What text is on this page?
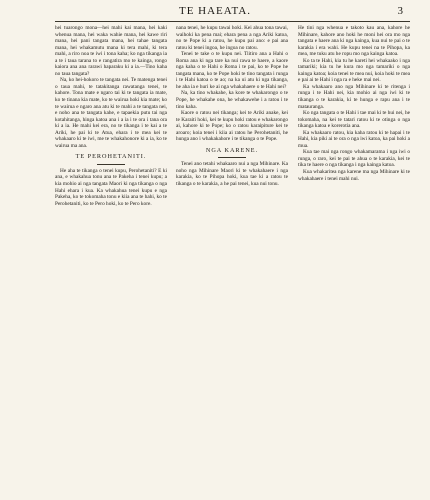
TE HAEATA.	3

hei tuarongo mona—hei mahi kai mana, hei kaki whenua mana, hei waka wahie mana, hei kawe riri mana, hei pani tangata mana, hei tahae tangata mana, hei whakamutu mana ki tera mahi, ki tera mahi, a riro noa te iwi i tona kaha; ko nga tikanga ia a te i taua tarana to e rangatira mo te kainga, rongo kaiora ana ana rarawi haparaku ki a ia.—Tino kaha no taua tangata?

Na, ko hei-hokoro te tangata nei. Te matenga tenei o taua mahi, te tatakitanga rawatanga tenei, te kahore. Tona mate e ngaro tai ki te tangata ia mate, ko te tinana kia mate, ko te wairua hoki kia mate; ko te wairua e ngaro ana atu ki te mahi a te tangata nei, e noho ana te tangata kahe, e tapaekia putu tai nga kotahitanga, hinga katoa ana i a ia i te ora i tana ora ki a ia. He mahi kei era, no te tikanga i te kai a te Ariki, he pai ki te Atua, ehara i te mea kei te whakaaro ki te iwi, me te whakahonore ki a ia, ko te wairua ma ana.

TE PEROHETANITI.

He aha te tikanga o tenei kupu, Perohetaniti? E ki ana, e whakahua tonu ana te Pakeha i tenei kupu; a kia mohio ai nga tangata Maori ki nga tikanga o nga Hahi ehara i kua. Ka whakahua tenei kupu e nga Pakeha, ko te tokomaha tonu e kiia ana te hahi, ko te Perohetaniti, ko te Pero hoki, ko te Pero kore.

nana tenei, he kupu tawai hoki. Kei ahua tona tawai, waihoki ka pena mai; ehara pena a nga Ariki katoa, no te Pope ki a ratou, he kupu pai ano: e pai ana ratou ki tenei ingoa, he ingoa no ratou.

Tenei te take o te kupu nei. Tiitiro ana a Hahi o Roma ana ki nga tare ka nui rawa te haere, a kaore nga kaha o te Hahi o Roma i te pai, ko te Pope he tangata mana, ko te Pope hoki te tino tangata i runga i te Hahi katoa o te ao; na ka ui atu ki nga tikanga, he aha ia e huri ke ai nga whakahaere o te Hahi nei?

Na, ka tino whakahe, ka kore te whakarongo o te Pope, he whakahe ona, he whakawehe i a ratou i te tino kaha.

Kaore o ratou nei tikanga; kei te Ariki anake, kei te Karaiti hoki, kei te kupu hoki ratou e whakarongo ai, kahore ki te Pope; ko o ratou karaipiture kei te aroaro; koia tenei i kiia ai ratou he Perohetaniti, he hunga ano i whakakahore i te tikanga o te Pope.

NGA KARENE.

Tenei ano tetahi whakaaro nui a nga Mihinare. Ka noho nga Mihinare Maori ki te whakahaere i nga karakia, ko te Pihopa hoki, kua tae ki a ratou te tikanga o te karakia, a he pai tenei, kua nui tonu.

He tini nga whenua e takoto kau ana, kahore he Mihinare, kahore ano hoki he moni hei ora mo nga tangata e haere ana ki nga kainga, kua nui te pai o te karakia i era wahi. He kupu tenei na te Pihopa, ka mea, me tuku atu he ropu mo nga kainga katoa.

Ko ta te Hahi, kia tu he kareti hei whakaako i nga tamariki; kia tu he kura mo nga tamariki o nga kainga katoa; koia tenei te mea nui, koia hoki te mea e pai ai te Hahi i nga ra e heke mai nei.

Ka whakaaro ano nga Mihinare ki te ritenga i runga i te Hahi nei, kia mohio ai nga iwi ki te tikanga o te karakia, ki te hunga e rapu ana i te matauranga.

Ko nga tangata o te Hahi i tae mai ki te hui nei, he tokomaha, na kei te tatari ratou ki te otinga o nga tikanga katoa e korerotia ana.

Ka whakaaro ratou, kia kaha ratou ki te hapai i te Hahi, kia piki ai te ora o nga iwi katoa, ka pai hoki a mua.

Kua tae mai nga rongo whakamarama i nga iwi o runga, o raro, kei te pai te ahua o te karakia, kei te tika te haere o nga tikanga i nga kainga katoa.

Kua whakaritea nga karene ma nga Mihinare ki te whakahaere i tenei mahi nui.
